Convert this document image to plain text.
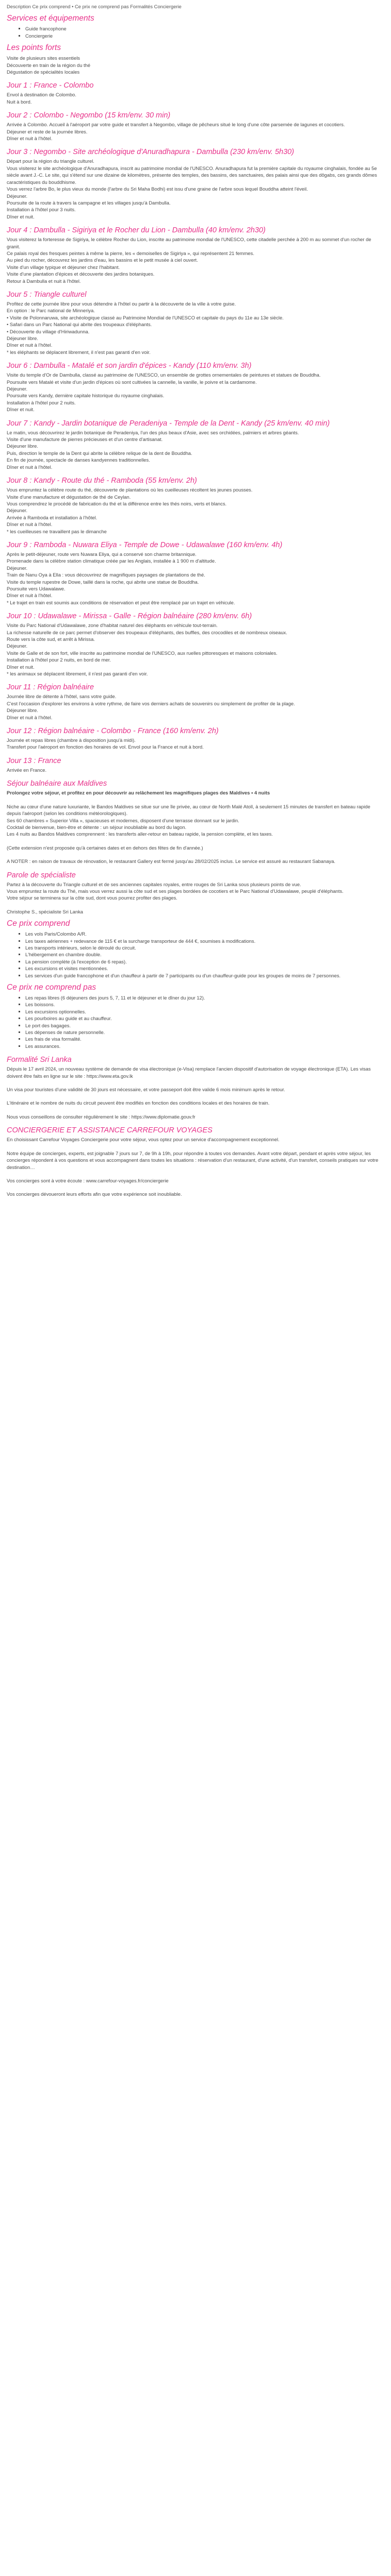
Description Ce prix comprend • Ce prix ne comprend pas Formalités Conciergerie

Services et équipements
▪ Guide francophone
▪ Conciergerie
Les points forts

Visite de plusieurs sites essentiels

Découverte en train de la région du thé

Dégustation de spécialités locales

Jour 1 : France - Colombo

Envol à destination de Colombo.

Nuit à bord.

Jour 2 : Colombo - Negombo (15 km/env. 30 min)

Arrivée à Colombo. Accueil à l'aéroport par votre guide et transfert à Negombo, village de pêcheurs situé le long d'une côte parsemée de lagunes et cocotiers.

Déjeuner et reste de la journée libres.

Dîner et nuit à l'hôtel.

Jour 3 : Negombo - Site archéologique d'Anuradhapura - Dambulla (230 km/env. 5h30)

Départ pour la région du triangle culturel.

Vous visiterez le site archéologique d'Anuradhapura, inscrit au patrimoine mondial de l'UNESCO. Anuradhapura fut la première capitale du royaume cinghalais, fondée au 5e siècle avant J.-C. Le site, qui s'étend sur une dizaine de kilomètres, présente des temples, des bassins, des sanctuaires, des palais ainsi que des dôgabs, ces grands dômes caractéristiques du bouddhisme.

Vous verrez l'arbre Bo, le plus vieux du monde (l'arbre du Sri Maha Bodhi) est issu d'une graine de l'arbre sous lequel Bouddha atteint l'éveil.

Déjeuner.

Poursuite de la route à travers la campagne et les villages jusqu'à Dambulla.

Installation à l'hôtel pour 3 nuits.

Dîner et nuit.

Jour 4 : Dambulla - Sigiriya et le Rocher du Lion - Dambulla (40 km/env. 2h30)

Vous visiterez la forteresse de Sigiriya, le célèbre Rocher du Lion, inscrite au patrimoine mondial de l'UNESCO, cette citadelle perchée à 200 m au sommet d'un rocher de granit.

Ce palais royal des fresques peintes à même la pierre, les « demoiselles de Sigiriya », qui représentent 21 femmes.

Au pied du rocher, découvrez les jardins d'eau, les bassins et le petit musée à ciel ouvert.

Visite d'un village typique et déjeuner chez l'habitant.

Visite d'une plantation d'épices et découverte des jardins botaniques.

Retour à Dambulla et nuit à l'hôtel.

Jour 5 : Triangle culturel

Profitez de cette journée libre pour vous détendre à l'hôtel ou partir à la découverte de la ville à votre guise.

En option : le Parc national de Minneriya.

• Visite de Polonnaruwa, site archéologique classé au Patrimoine Mondial de l'UNESCO et capitale du pays du 11e au 13e siècle.

• Safari dans un Parc National qui abrite des troupeaux d'éléphants.

• Découverte du village d'Hiriwadunna.

Déjeuner libre.

Dîner et nuit à l'hôtel.

* les éléphants se déplacent librement, il n'est pas garanti d'en voir.

Jour 6 : Dambulla - Matalé et son jardin d'épices - Kandy (110 km/env. 3h)

Visite du temple d'Or de Dambulla, classé au patrimoine de l'UNESCO, un ensemble de grottes ornementales de peintures et statues de Bouddha.

Poursuite vers Matalé et visite d'un jardin d'épices où sont cultivées la cannelle, la vanille, le poivre et la cardamome.

Déjeuner.

Poursuite vers Kandy, dernière capitale historique du royaume cinghalais.

Installation à l'hôtel pour 2 nuits.

Dîner et nuit.

Jour 7 : Kandy - Jardin botanique de Peradeniya - Temple de la Dent - Kandy (25 km/env. 40 min)

Le matin, vous découvrirez le jardin botanique de Peradeniya, l'un des plus beaux d'Asie, avec ses orchidées, palmiers et arbres géants.

Visite d'une manufacture de pierres précieuses et d'un centre d'artisanat.

Déjeuner libre.

Puis, direction le temple de la Dent qui abrite la célèbre relique de la dent de Bouddha.

En fin de journée, spectacle de danses kandyennes traditionnelles.

Dîner et nuit à l'hôtel.

Jour 8 : Kandy - Route du thé - Ramboda (55 km/env. 2h)

Vous empruntez la célèbre route du thé, découverte de plantations où les cueilleuses récoltent les jeunes pousses.

Visite d'une manufacture et dégustation de thé de Ceylan.

Vous comprendrez le procédé de fabrication du thé et la différence entre les thés noirs, verts et blancs.

Déjeuner.

Arrivée à Ramboda et installation à l'hôtel.

Dîner et nuit à l'hôtel.

* les cueilleuses ne travaillent pas le dimanche

Jour 9 : Ramboda - Nuwara Eliya - Temple de Dowe - Udawalawe (160 km/env. 4h)

Après le petit-déjeuner, route vers Nuwara Eliya, qui a conservé son charme britannique.

Promenade dans la célèbre station climatique créée par les Anglais, installée à 1 900 m d'altitude.

Déjeuner.

Train de Nanu Oya à Ella : vous découvrirez de magnifiques paysages de plantations de thé.

Visite du temple rupestre de Dowe, taillé dans la roche, qui abrite une statue de Bouddha.

Poursuite vers Udawalawe.

Dîner et nuit à l'hôtel.

* Le trajet en train est soumis aux conditions de réservation et peut être remplacé par un trajet en véhicule.

Jour 10 : Udawalawe - Mirissa - Galle - Région balnéaire (280 km/env. 6h)

Visite du Parc National d'Udawalawe, zone d'habitat naturel des éléphants en véhicule tout-terrain.

La richesse naturelle de ce parc permet d'observer des troupeaux d'éléphants, des buffles, des crocodiles et de nombreux oiseaux.

Route vers la côte sud, et arrêt à Mirissa.

Déjeuner.

Visite de Galle et de son fort, ville inscrite au patrimoine mondial de l'UNESCO, aux ruelles pittoresques et maisons coloniales.

Installation à l'hôtel pour 2 nuits, en bord de mer.

Dîner et nuit.

* les animaux se déplacent librement, il n'est pas garanti d'en voir.

Jour 11 : Région balnéaire

Journée libre de détente à l'hôtel, sans votre guide.

C'est l'occasion d'explorer les environs à votre rythme, de faire vos derniers achats de souvenirs ou simplement de profiter de la plage.

Déjeuner libre.

Dîner et nuit à l'hôtel.

Jour 12 : Région balnéaire - Colombo - France (160 km/env. 2h)

Journée et repas libres (chambre à disposition jusqu'à midi).

Transfert pour l'aéroport en fonction des horaires de vol. Envol pour la France et nuit à bord.

Jour 13 : France

Arrivée en France.

Séjour balnéaire aux Maldives

Prolongez votre séjour, et profitez en pour découvrir au relâchement les magnifiques plages des Maldives • 4 nuits

Niche au cœur d'une nature luxuriante, le Bandos Maldives se situe sur une île privée, au cœur de North Malé Atoll, à seulement 15 minutes de transfert en bateau rapide depuis l'aéroport (selon les conditions météorologiques).

Ses 60 chambres « Superior Villa », spacieuses et modernes, disposent d'une terrasse donnant sur le jardin.

Cocktail de bienvenue, bien-être et détente : un séjour inoubliable au bord du lagon.

Les 4 nuits au Bandos Maldives comprennent : les transferts aller-retour en bateau rapide, la pension complète, et les taxes.

(Cette extension n'est proposée qu'à certaines dates et en dehors des fêtes de fin d'année.)

A NOTER : en raison de travaux de rénovation, le restaurant Gallery est fermé jusqu'au 28/02/2025 inclus. Le service est assuré au restaurant Sabanaya.

Parole de spécialiste

Partez à la découverte du Triangle culturel et de ses anciennes capitales royales, entre rouges de Sri Lanka sous plusieurs points de vue.

Vous empruntez la route du Thé, mais vous verrez aussi la côte sud et ses plages bordées de cocotiers et le Parc National d'Udawalawe, peuplé d'éléphants.

Votre séjour se terminera sur la côte sud, dont vous pourrez profiter des plages.

Christophe S., spécialiste Sri Lanka

Ce prix comprend
▪ Les vols Paris/Colombo A/R.
▪ Les taxes aériennes + redevance de 115 € et la surcharge transporteur de 444 €, soumises à modifications.
▪ Les transports intérieurs, selon le déroulé du circuit.
▪ L'hébergement en chambre double.
▪ La pension complète (à l'exception de 6 repas).
▪ Les excursions et visites mentionnées.
▪ Les services d'un guide francophone et d'un chauffeur à partir de 7 participants ou d'un chauffeur-guide pour les groupes de moins de 7 personnes.
Ce prix ne comprend pas
▪ Les repas libres (6 déjeuners des jours 5, 7, 11 et le déjeuner et le dîner du jour 12).
▪ Les boissons.
▪ Les excursions optionnelles.
▪ Les pourboires au guide et au chauffeur.
▪ Le port des bagages.
▪ Les dépenses de nature personnelle.
▪ Les frais de visa formalité.
▪ Les assurances.
Formalité Sri Lanka

Dépuis le 17 avril 2024, un nouveau système de demande de visa électronique (e-Visa) remplace l'ancien dispositif d'autorisation de voyage électronique (ETA). Les visas doivent être faits en ligne sur le site : https://www.eta.gov.lk

Un visa pour touristes d'une validité de 30 jours est nécessaire, et votre passeport doit être valide 6 mois minimum après le retour.

L'itinéraire et le nombre de nuits du circuit peuvent être modifiés en fonction des conditions locales et des horaires de train.

Nous vous conseillons de consulter régulièrement le site : https://www.diplomatie.gouv.fr

CONCIERGERIE ET ASSISTANCE CARREFOUR VOYAGES

En choisissant Carrefour Voyages Conciergerie pour votre séjour, vous optez pour un service d'accompagnement exceptionnel.

Notre équipe de concierges, experts, est joignable 7 jours sur 7, de 9h à 19h, pour répondre à toutes vos demandes. Avant votre départ, pendant et après votre séjour, les concierges répondent à vos questions et vous accompagnent dans toutes les situations : réservation d'un restaurant, d'une activité, d'un transfert, conseils pratiques sur votre destination…

Vos concierges sont à votre écoute : www.carrefour-voyages.fr/conciergerie

Vos concierges dévoueront leurs efforts afin que votre expérience soit inoubliable.
